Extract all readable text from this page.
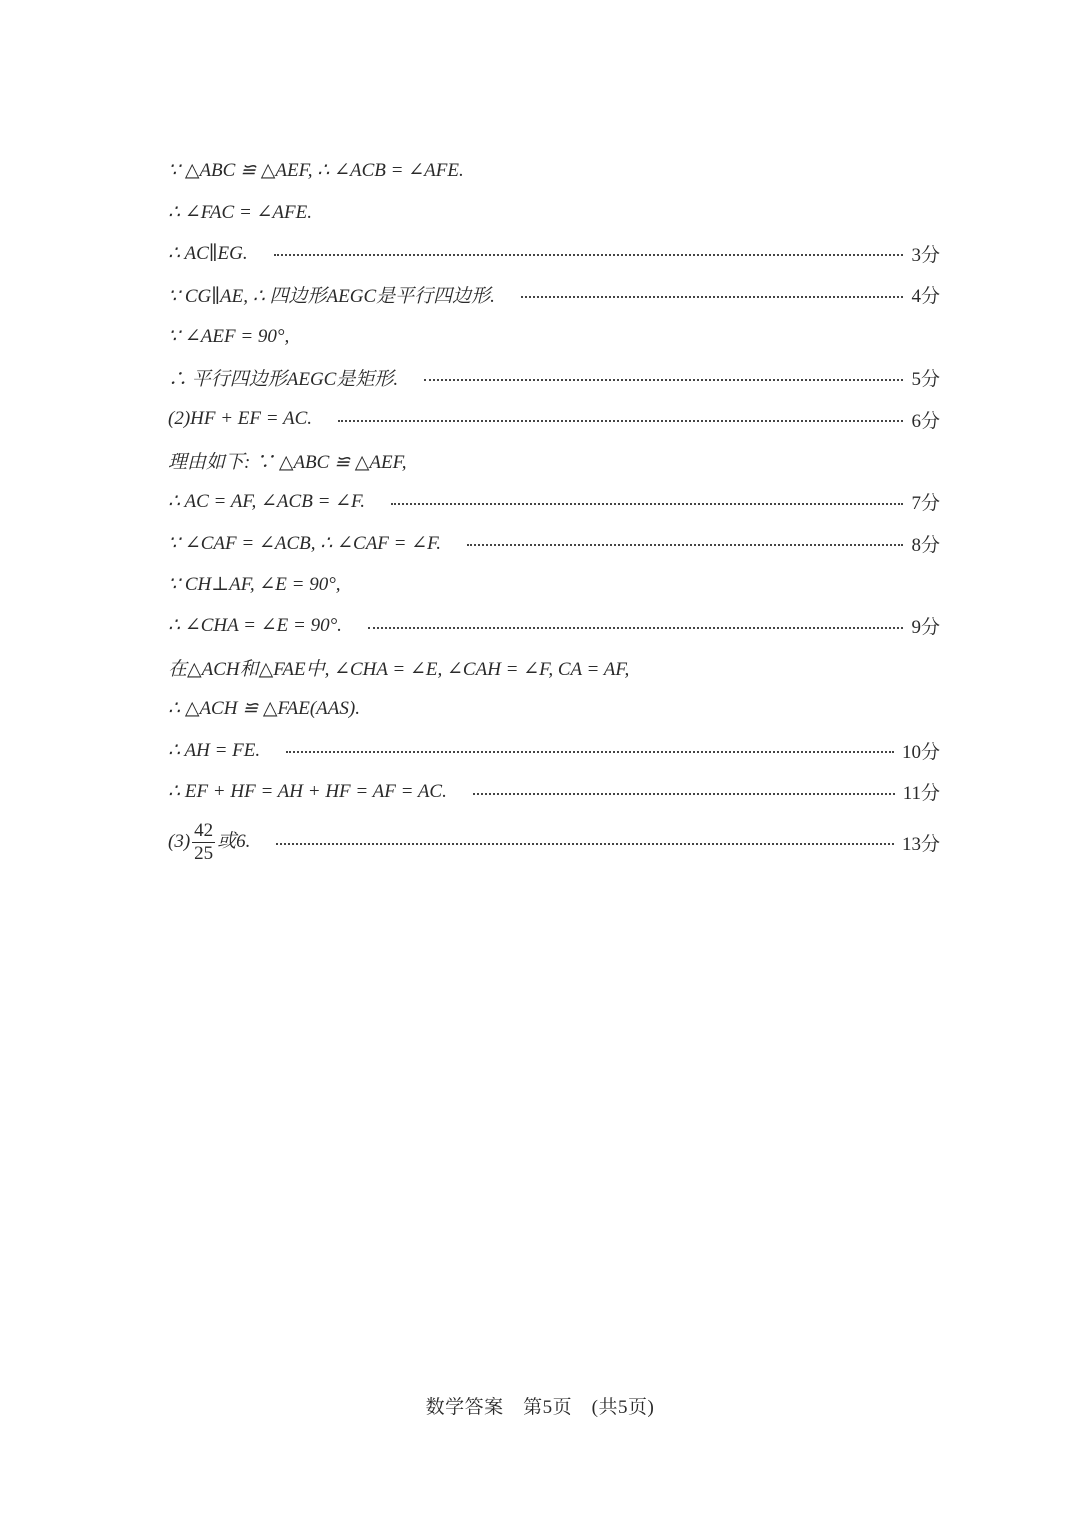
∵ △ABC ≌ △AEF, ∴ ∠ACB = ∠AFE.
∴ ∠FAC = ∠AFE.
∴ AC∥EG.	3分
∵ CG∥AE, ∴ 四边形AEGC是平行四边形.	4分
∵ ∠AEF = 90°,
∴ 平行四边形AEGC是矩形.	5分
(2)HF + EF = AC.	6分
理由如下: ∵ △ABC ≌ △AEF,
∴ AC = AF, ∠ACB = ∠F.	7分
∵ ∠CAF = ∠ACB, ∴ ∠CAF = ∠F.	8分
∵ CH⊥AF, ∠E = 90°,
∴ ∠CHA = ∠E = 90°.	9分
在△ACH和△FAE中, ∠CHA = ∠E, ∠CAH = ∠F, CA = AF,
∴ △ACH ≌ △FAE(AAS).
∴ AH = FE.	10分
∴ EF + HF = AH + HF = AF = AC.	11分
$(3) \frac{42}{25}$ 或6.	13分
数学答案　第5页　(共5页)
